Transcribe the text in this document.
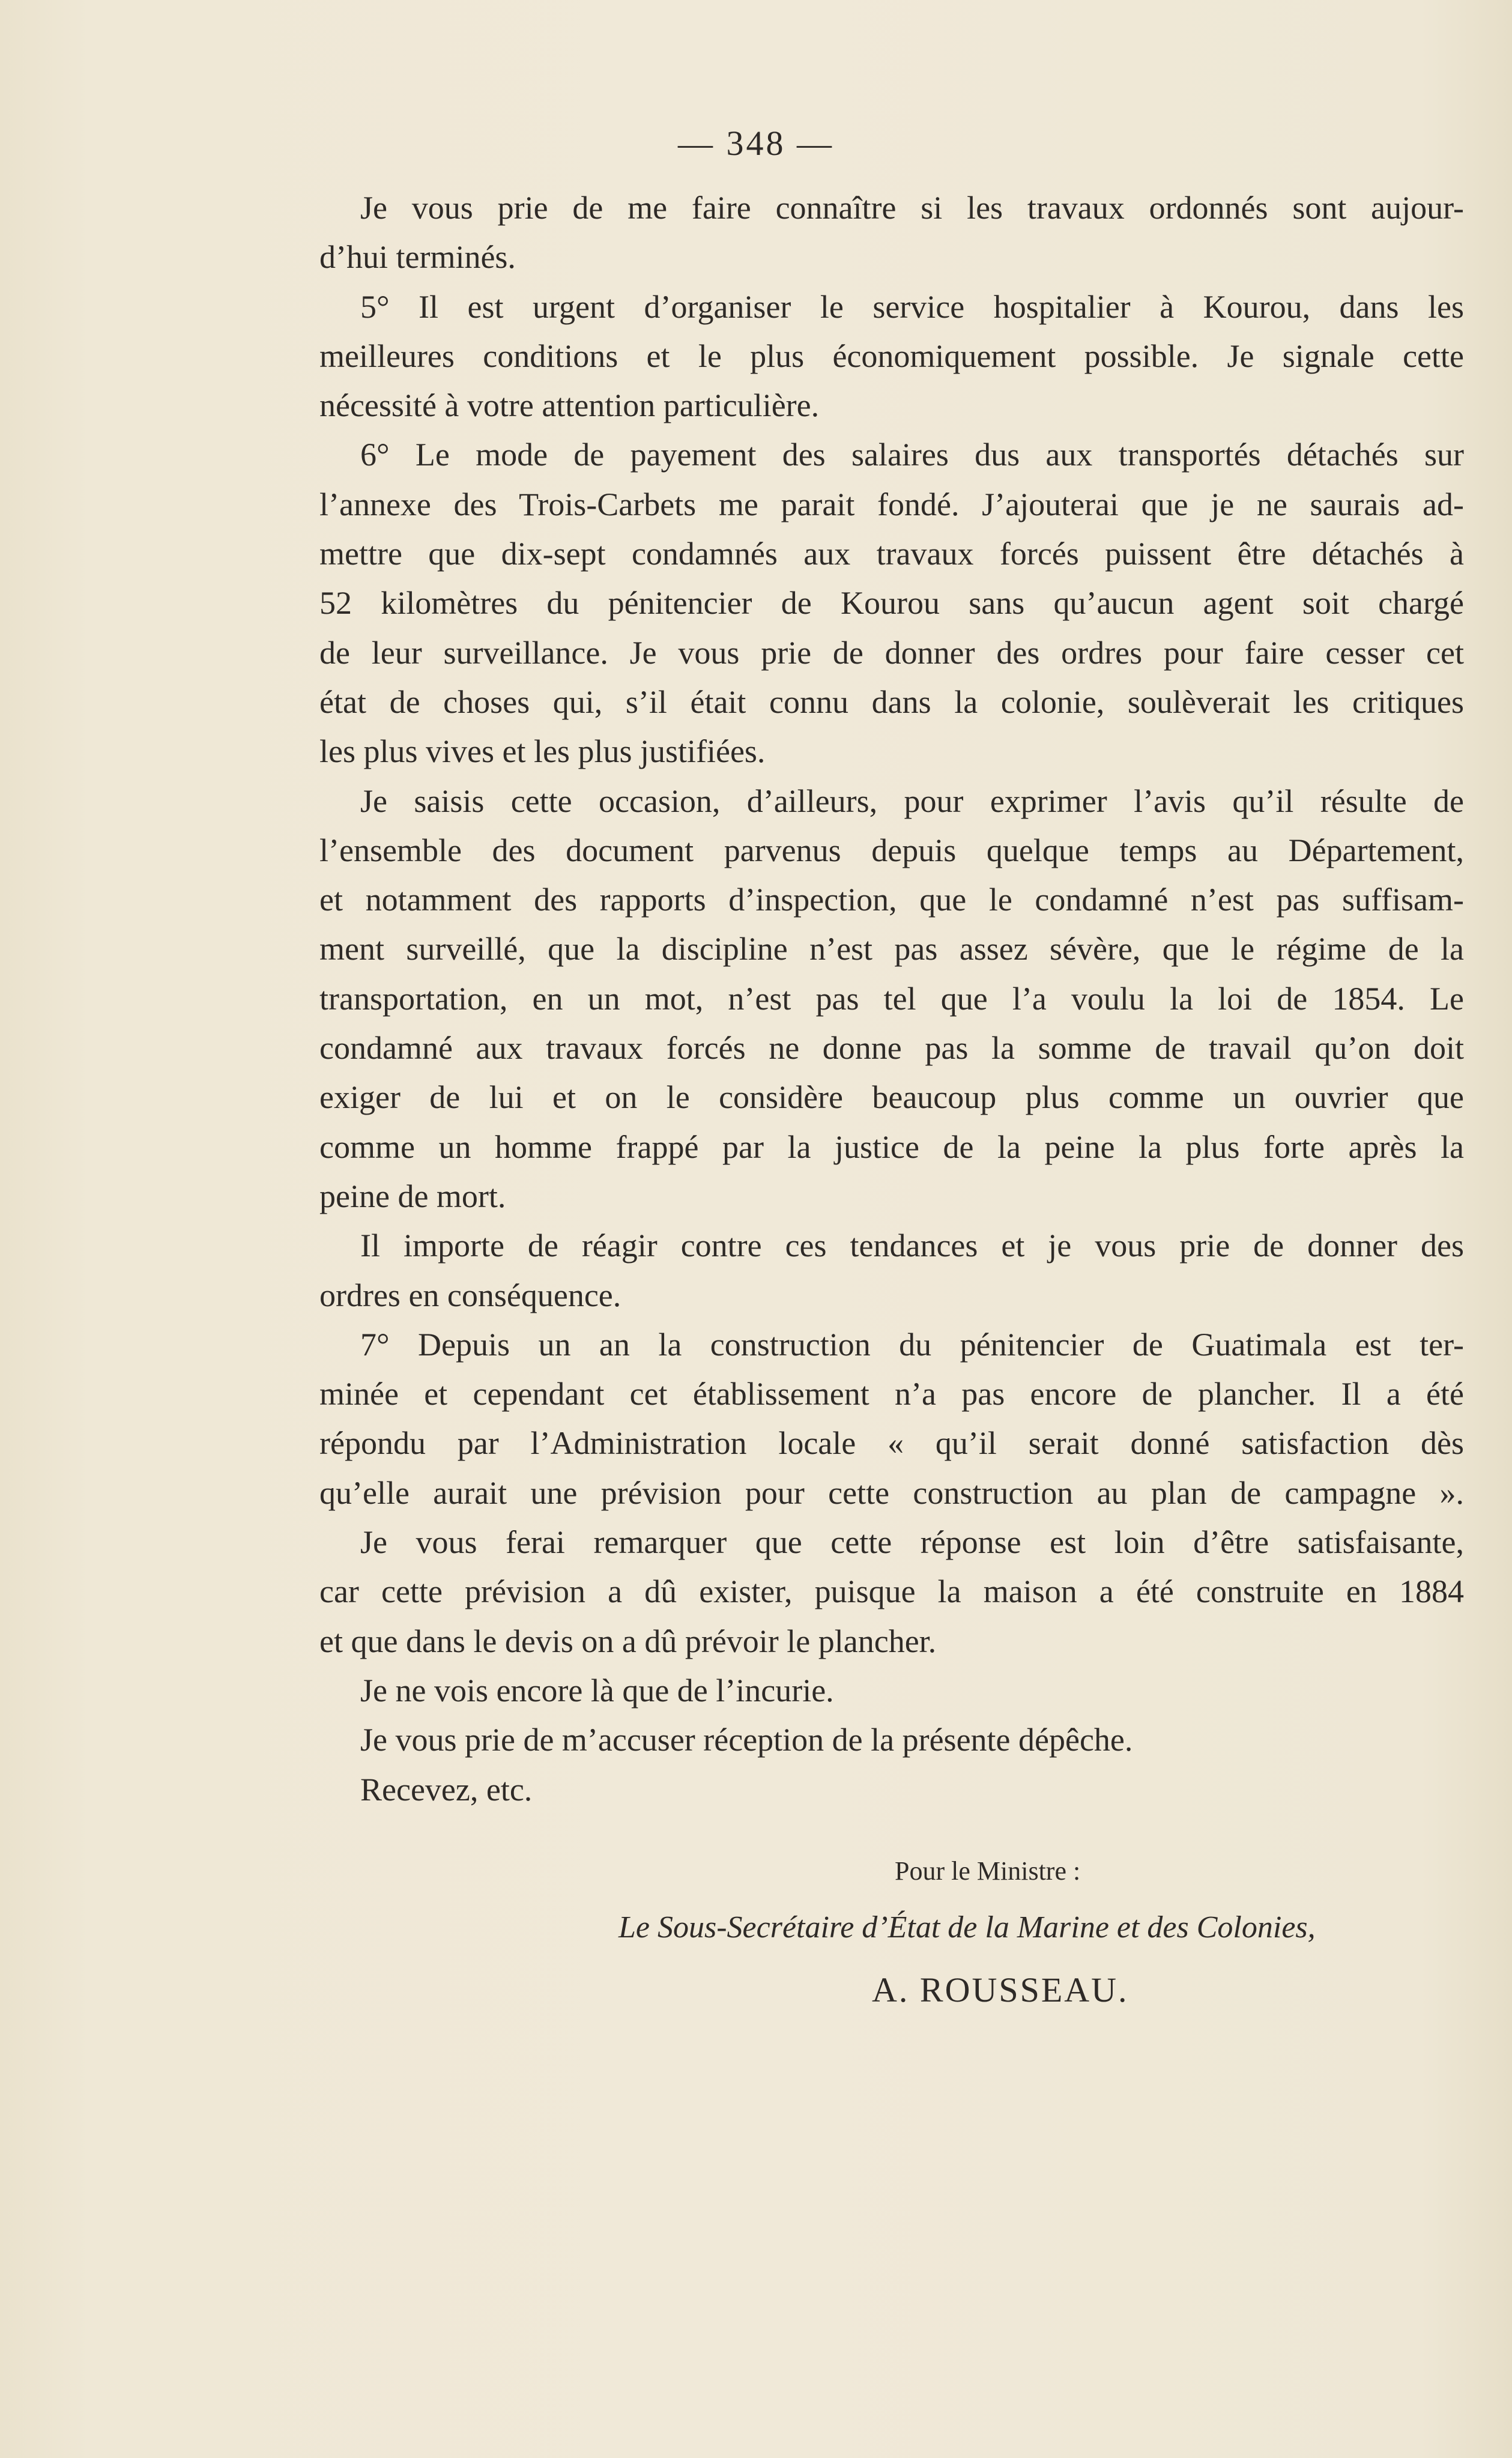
— 348 —
Je vous prie de me faire connaître si les travaux ordonnés sont aujour-
d’hui terminés.
5° Il est urgent d’organiser le service hospitalier à Kourou, dans les
meilleures conditions et le plus économiquement possible. Je signale cette
nécessité à votre attention particulière.
6° Le mode de payement des salaires dus aux transportés détachés sur
l’annexe des Trois-Carbets me parait fondé. J’ajouterai que je ne saurais ad-
mettre que dix-sept condamnés aux travaux forcés puissent être détachés à
52 kilomètres du pénitencier de Kourou sans qu’aucun agent soit chargé
de leur surveillance. Je vous prie de donner des ordres pour faire cesser cet
état de choses qui, s’il était connu dans la colonie, soulèverait les critiques
les plus vives et les plus justifiées.
Je saisis cette occasion, d’ailleurs, pour exprimer l’avis qu’il résulte de
l’ensemble des document parvenus depuis quelque temps au Département,
et notamment des rapports d’inspection, que le condamné n’est pas suffisam-
ment surveillé, que la discipline n’est pas assez sévère, que le régime de la
transportation, en un mot, n’est pas tel que l’a voulu la loi de 1854. Le
condamné aux travaux forcés ne donne pas la somme de travail qu’on doit
exiger de lui et on le considère beaucoup plus comme un ouvrier que
comme un homme frappé par la justice de la peine la plus forte après la
peine de mort.
Il importe de réagir contre ces tendances et je vous prie de donner des
ordres en conséquence.
7° Depuis un an la construction du pénitencier de Guatimala est ter-
minée et cependant cet établissement n’a pas encore de plancher. Il a été
répondu par l’Administration locale « qu’il serait donné satisfaction dès
qu’elle aurait une prévision pour cette construction au plan de campagne ».
Je vous ferai remarquer que cette réponse est loin d’être satisfaisante,
car cette prévision a dû exister, puisque la maison a été construite en 1884
et que dans le devis on a dû prévoir le plancher.
Je ne vois encore là que de l’incurie.
Je vous prie de m’accuser réception de la présente dépêche.
Recevez, etc.
Pour le Ministre :
Le Sous-Secrétaire d’État de la Marine et des Colonies,
A. ROUSSEAU.
